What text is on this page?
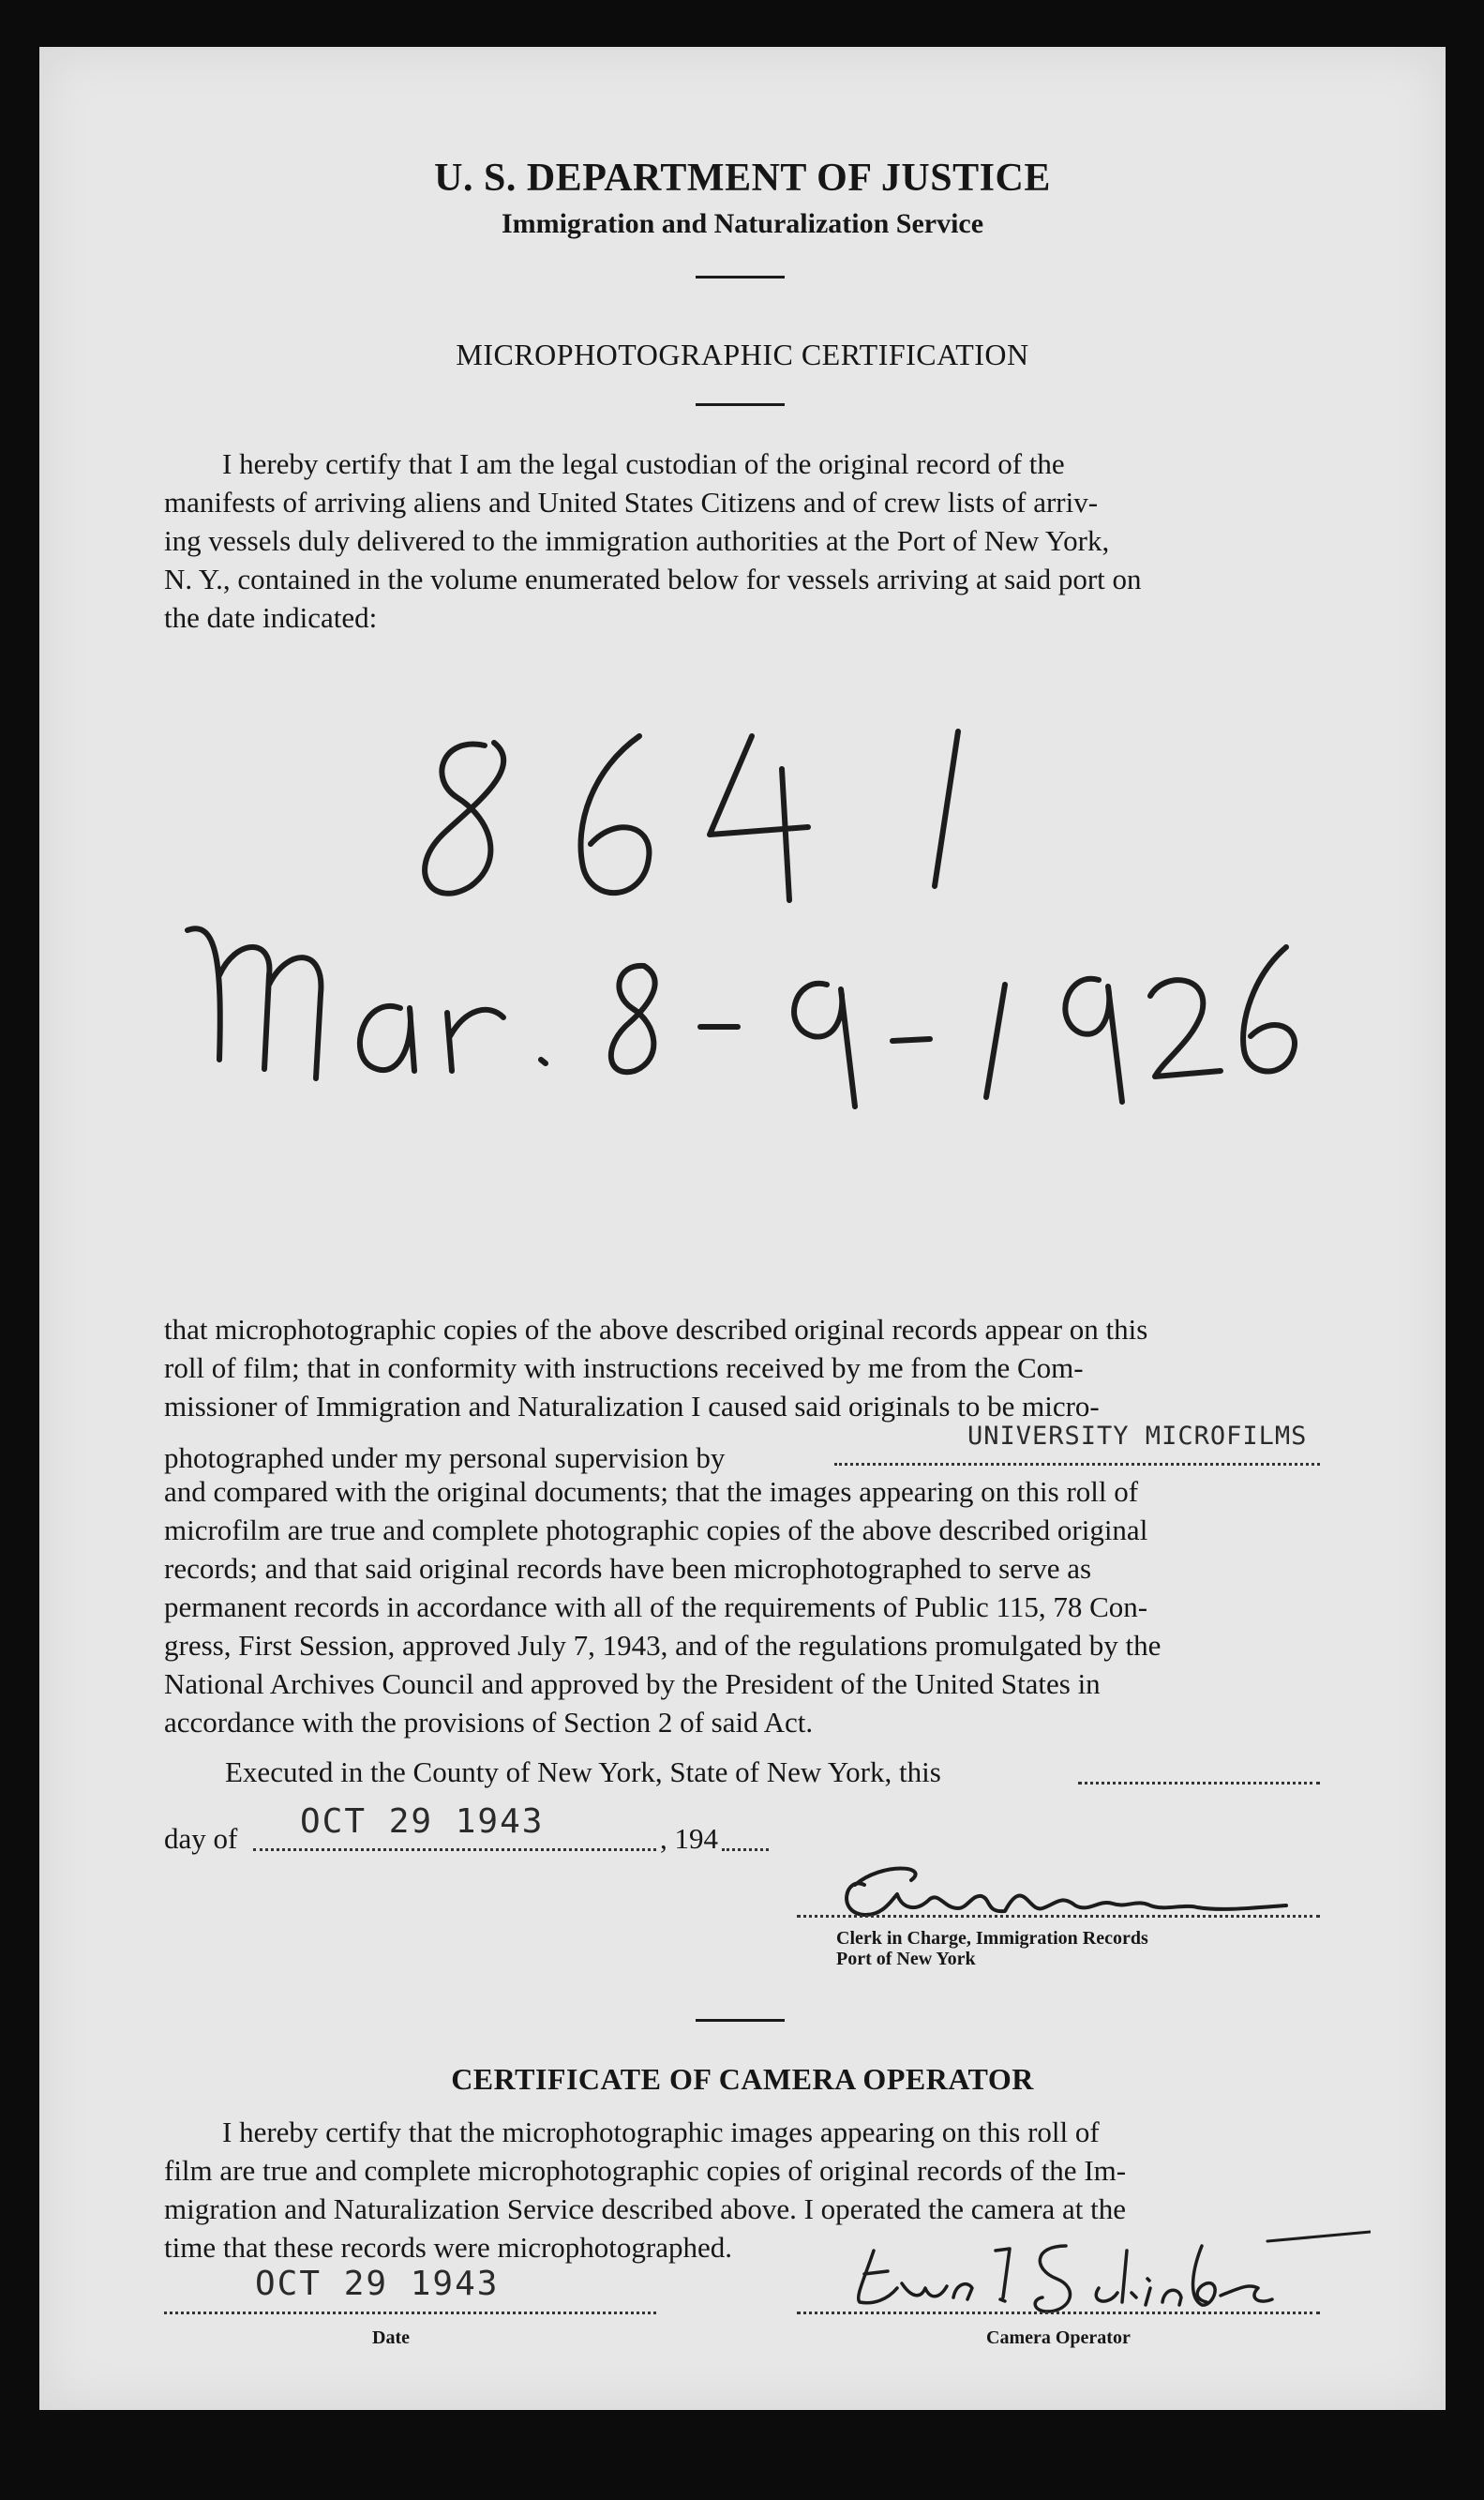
U. S. DEPARTMENT OF JUSTICE
Immigration and Naturalization Service
MICROPHOTOGRAPHIC CERTIFICATION
I hereby certify that I am the legal custodian of the original record of the
manifests of arriving aliens and United States Citizens and of crew lists of arriv-
ing vessels duly delivered to the immigration authorities at the Port of New York,
N. Y., contained in the volume enumerated below for vessels arriving at said port on
the date indicated:
that microphotographic copies of the above described original records appear on this
roll of film; that in conformity with instructions received by me from the Com-
missioner of Immigration and Naturalization I caused said originals to be micro-
photographed under my personal supervision by
UNIVERSITY MICROFILMS
and compared with the original documents; that the images appearing on this roll of
microfilm are true and complete photographic copies of the above described original
records; and that said original records have been microphotographed to serve as
permanent records in accordance with all of the requirements of Public 115, 78 Con-
gress, First Session, approved July 7, 1943, and of the regulations promulgated by the
National Archives Council and approved by the President of the United States in
accordance with the provisions of Section 2 of said Act.
Executed in the County of New York, State of New York, this
day of OCT 29 1943	, 194
Clerk in Charge, Immigration Records
Port of New York
CERTIFICATE OF CAMERA OPERATOR
I hereby certify that the microphotographic images appearing on this roll of
film are true and complete microphotographic copies of original records of the Im-
migration and Naturalization Service described above. I operated the camera at the
time that these records were microphotographed.
OCT 29 1943
Date	Camera Operator
